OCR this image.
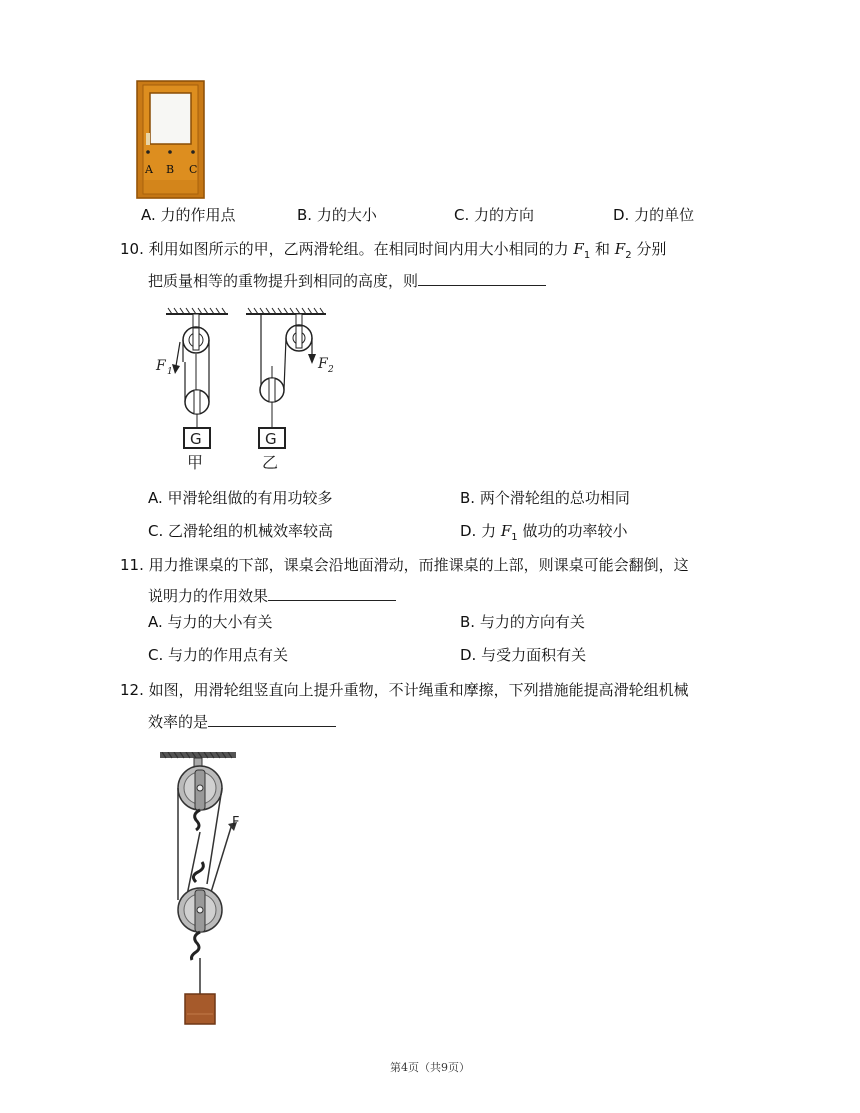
A B C
A. 力的作用点	B. 力的大小	C. 力的方向	D. 力的单位
10. 利用如图所示的甲，乙两滑轮组。在相同时间内用大小相同的力 $F_1$ 和 $F_2$ 分别
把质量相等的重物提升到相同的高度，则
F 1
G
甲
F 2
G
乙
A. 甲滑轮组做的有用功较多	B. 两个滑轮组的总功相同
C. 乙滑轮组的机械效率较高	D. 力 $F_1$ 做功的功率较小
11. 用力推课桌的下部，课桌会沿地面滑动，而推课桌的上部，则课桌可能会翻倒，这
说明力的作用效果
A. 与力的大小有关	B. 与力的方向有关
C. 与力的作用点有关	D. 与受力面积有关
12. 如图，用滑轮组竖直向上提升重物，不计绳重和摩擦，下列措施能提高滑轮组机械
效率的是
F
第4页（共9页）
